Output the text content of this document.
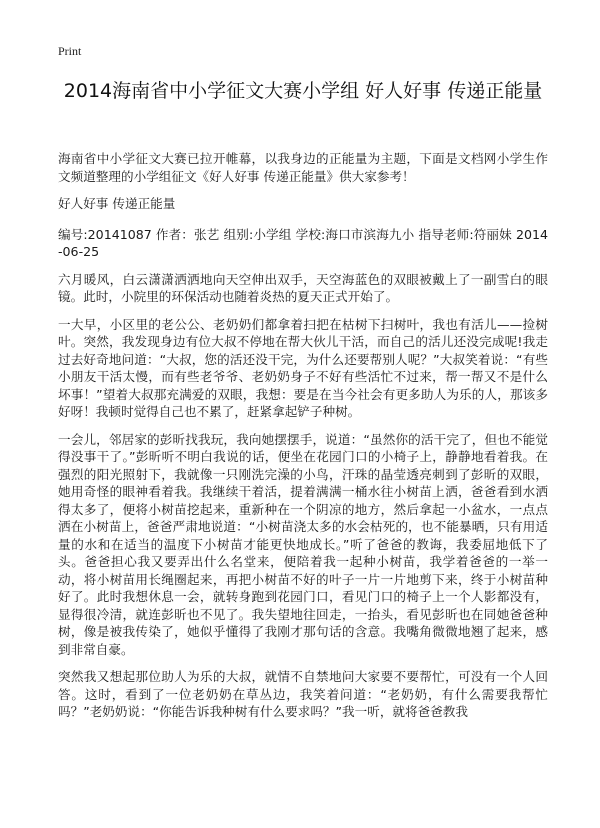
Print
2014海南省中小学征文大赛小学组 好人好事 传递正能量

海南省中小学征文大赛已拉开帷幕，以我身边的正能量为主题，下面是文档网小学生作文频道整理的小学组征文《好人好事 传递正能量》供大家参考！

好人好事 传递正能量

编号:20141087 作者：张艺 组别:小学组 学校:海口市滨海九小 指导老师:符丽妹 2014-06-25

六月暖风，白云潇潇洒洒地向天空伸出双手，天空海蓝色的双眼被戴上了一副雪白的眼镜。此时，小院里的环保活动也随着炎热的夏天正式开始了。

一大早，小区里的老公公、老奶奶们都拿着扫把在枯树下扫树叶，我也有活儿——捡树叶。突然，我发现身边有位大叔不停地在帮大伙儿干活，而自己的活儿还没完成呢!我走过去好奇地问道：“大叔，您的活还没干完，为什么还要帮别人呢？”大叔笑着说：“有些小朋友干活太慢，而有些老爷爷、老奶奶身子不好有些活忙不过来，帮一帮又不是什么坏事！”望着大叔那充满爱的双眼，我想：要是在当今社会有更多助人为乐的人，那该多好呀！我顿时觉得自己也不累了，赶紧拿起铲子种树。

一会儿，邻居家的彭昕找我玩，我向她摆摆手，说道：“虽然你的活干完了，但也不能觉得没事干了。”彭昕听不明白我说的话，便坐在花园门口的小椅子上，静静地看着我。在强烈的阳光照射下，我就像一只刚洗完澡的小鸟，汗珠的晶莹透亮刺到了彭昕的双眼，她用奇怪的眼神看着我。我继续干着活，提着满满一桶水往小树苗上洒，爸爸看到水洒得太多了，便将小树苗挖起来，重新种在一个阴凉的地方，然后拿起一小盆水，一点点洒在小树苗上，爸爸严肃地说道：“小树苗浇太多的水会枯死的，也不能暴晒，只有用适量的水和在适当的温度下小树苗才能更快地成长。”听了爸爸的教诲，我委屈地低下了头。爸爸担心我又要弄出什么名堂来，便陪着我一起种小树苗，我学着爸爸的一举一动，将小树苗用长绳圈起来，再把小树苗不好的叶子一片一片地剪下来，终于小树苗种好了。此时我想休息一会，就转身跑到花园门口，看见门口的椅子上一个人影都没有，显得很冷清，就连彭昕也不见了。我失望地往回走，一抬头，看见彭昕也在同她爸爸种树，像是被我传染了，她似乎懂得了我刚才那句话的含意。我嘴角微微地翘了起来，感到非常自豪。

突然我又想起那位助人为乐的大叔，就情不自禁地问大家要不要帮忙，可没有一个人回答。这时，看到了一位老奶奶在草丛边，我笑着问道：“老奶奶，有什么需要我帮忙吗？”老奶奶说：“你能告诉我种树有什么要求吗？”我一听，就将爸爸教我
